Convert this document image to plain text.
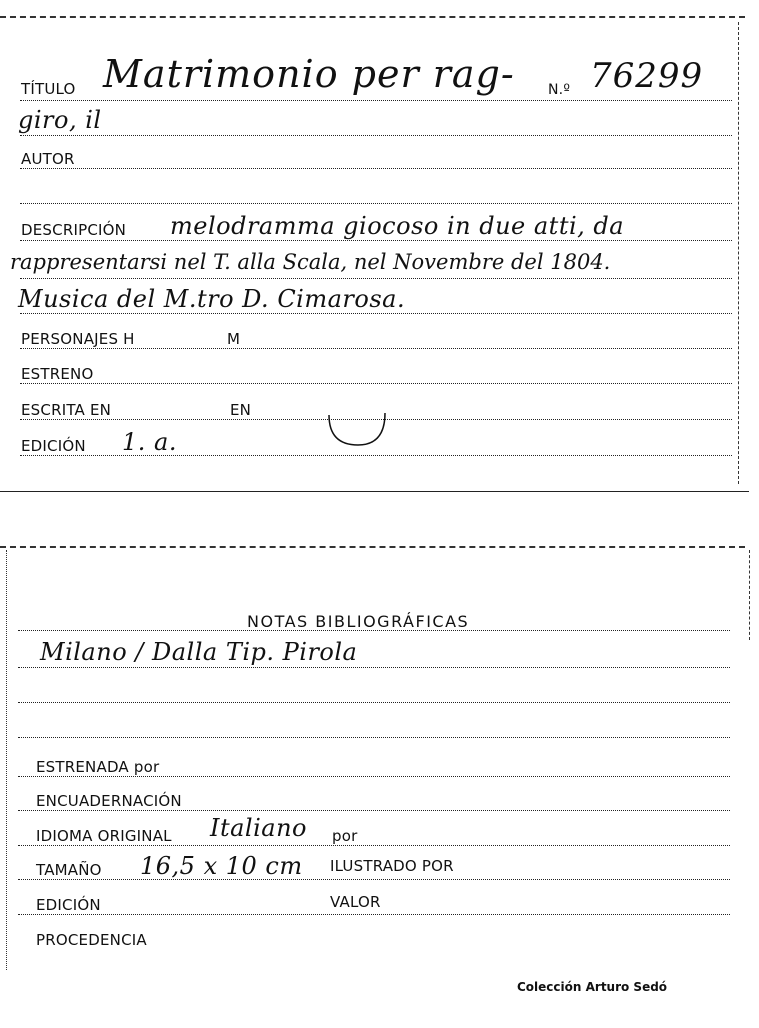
TÍTULO Matrimonio per rag- N.º 76299
giro, il
AUTOR
DESCRIPCIÓN melodramma giocoso in due atti, da
rappresentarsi nel T. alla Scala, nel Novembre del 1804.
Musica del M.tro D. Cimarosa.
PERSONAJES H	M
ESTRENO
ESCRITA EN	EN
EDICIÓN 1. a.
NOTAS BIBLIOGRÁFICAS
Milano / Dalla Tip. Pirola
ESTRENADA por
ENCUADERNACIÓN
IDIOMA ORIGINAL Italiano por
TAMAÑO 16,5 x 10 cm ILUSTRADO POR
EDICIÓN	VALOR
PROCEDENCIA
Colección Arturo Sedó
